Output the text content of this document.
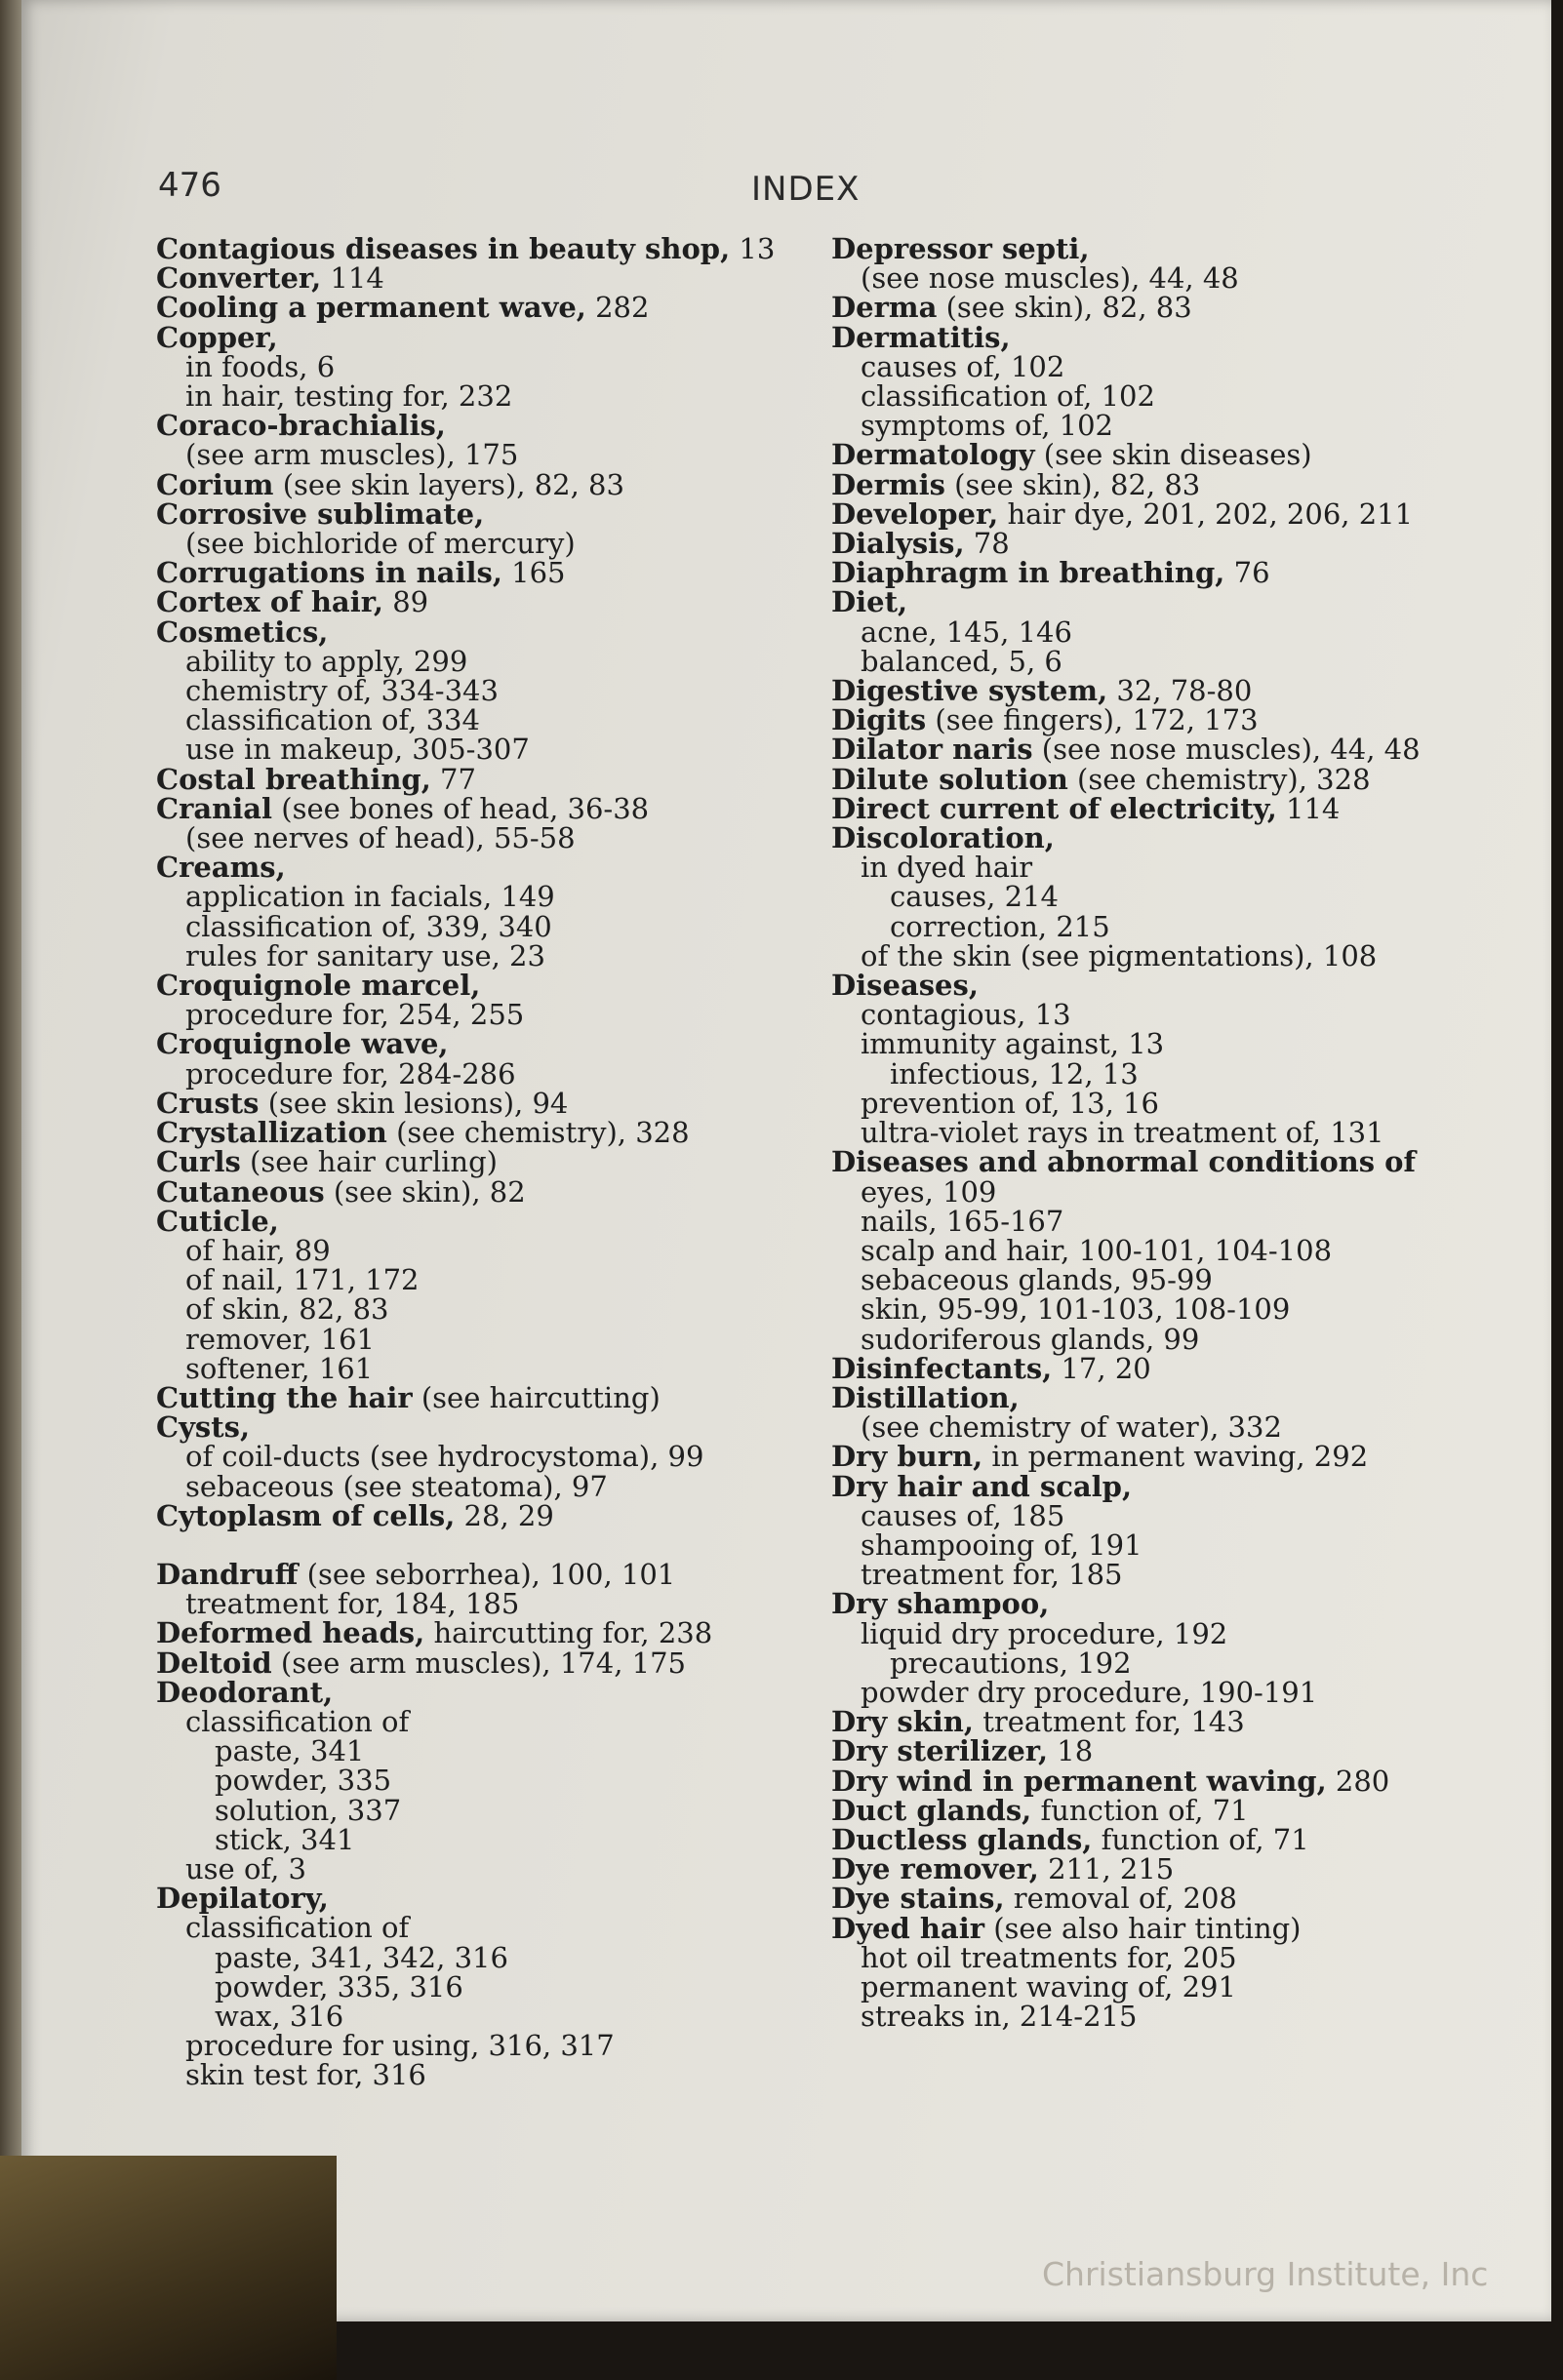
476	INDEX
Contagious diseases in beauty shop, 13
Converter, 114
Cooling a permanent wave, 282
Copper,
in foods, 6
in hair, testing for, 232
Coraco-brachialis,
(see arm muscles), 175
Corium (see skin layers), 82, 83
Corrosive sublimate,
(see bichloride of mercury)
Corrugations in nails, 165
Cortex of hair, 89
Cosmetics,
ability to apply, 299
chemistry of, 334-343
classification of, 334
use in makeup, 305-307
Costal breathing, 77
Cranial (see bones of head, 36-38
(see nerves of head), 55-58
Creams,
application in facials, 149
classification of, 339, 340
rules for sanitary use, 23
Croquignole marcel,
procedure for, 254, 255
Croquignole wave,
procedure for, 284-286
Crusts (see skin lesions), 94
Crystallization (see chemistry), 328
Curls (see hair curling)
Cutaneous (see skin), 82
Cuticle,
of hair, 89
of nail, 171, 172
of skin, 82, 83
remover, 161
softener, 161
Cutting the hair (see haircutting)
Cysts,
of coil-ducts (see hydrocystoma), 99
sebaceous (see steatoma), 97
Cytoplasm of cells, 28, 29
Dandruff (see seborrhea), 100, 101
treatment for, 184, 185
Deformed heads, haircutting for, 238
Deltoid (see arm muscles), 174, 175
Deodorant,
classification of
paste, 341
powder, 335
solution, 337
stick, 341
use of, 3
Depilatory,
classification of
paste, 341, 342, 316
powder, 335, 316
wax, 316
procedure for using, 316, 317
skin test for, 316
Depressor septi,
(see nose muscles), 44, 48
Derma (see skin), 82, 83
Dermatitis,
causes of, 102
classification of, 102
symptoms of, 102
Dermatology (see skin diseases)
Dermis (see skin), 82, 83
Developer, hair dye, 201, 202, 206, 211
Dialysis, 78
Diaphragm in breathing, 76
Diet,
acne, 145, 146
balanced, 5, 6
Digestive system, 32, 78-80
Digits (see fingers), 172, 173
Dilator naris (see nose muscles), 44, 48
Dilute solution (see chemistry), 328
Direct current of electricity, 114
Discoloration,
in dyed hair
causes, 214
correction, 215
of the skin (see pigmentations), 108
Diseases,
contagious, 13
immunity against, 13
infectious, 12, 13
prevention of, 13, 16
ultra-violet rays in treatment of, 131
Diseases and abnormal conditions of
eyes, 109
nails, 165-167
scalp and hair, 100-101, 104-108
sebaceous glands, 95-99
skin, 95-99, 101-103, 108-109
sudoriferous glands, 99
Disinfectants, 17, 20
Distillation,
(see chemistry of water), 332
Dry burn, in permanent waving, 292
Dry hair and scalp,
causes of, 185
shampooing of, 191
treatment for, 185
Dry shampoo,
liquid dry procedure, 192
precautions, 192
powder dry procedure, 190-191
Dry skin, treatment for, 143
Dry sterilizer, 18
Dry wind in permanent waving, 280
Duct glands, function of, 71
Ductless glands, function of, 71
Dye remover, 211, 215
Dye stains, removal of, 208
Dyed hair (see also hair tinting)
hot oil treatments for, 205
permanent waving of, 291
streaks in, 214-215
Christiansburg Institute, Inc
